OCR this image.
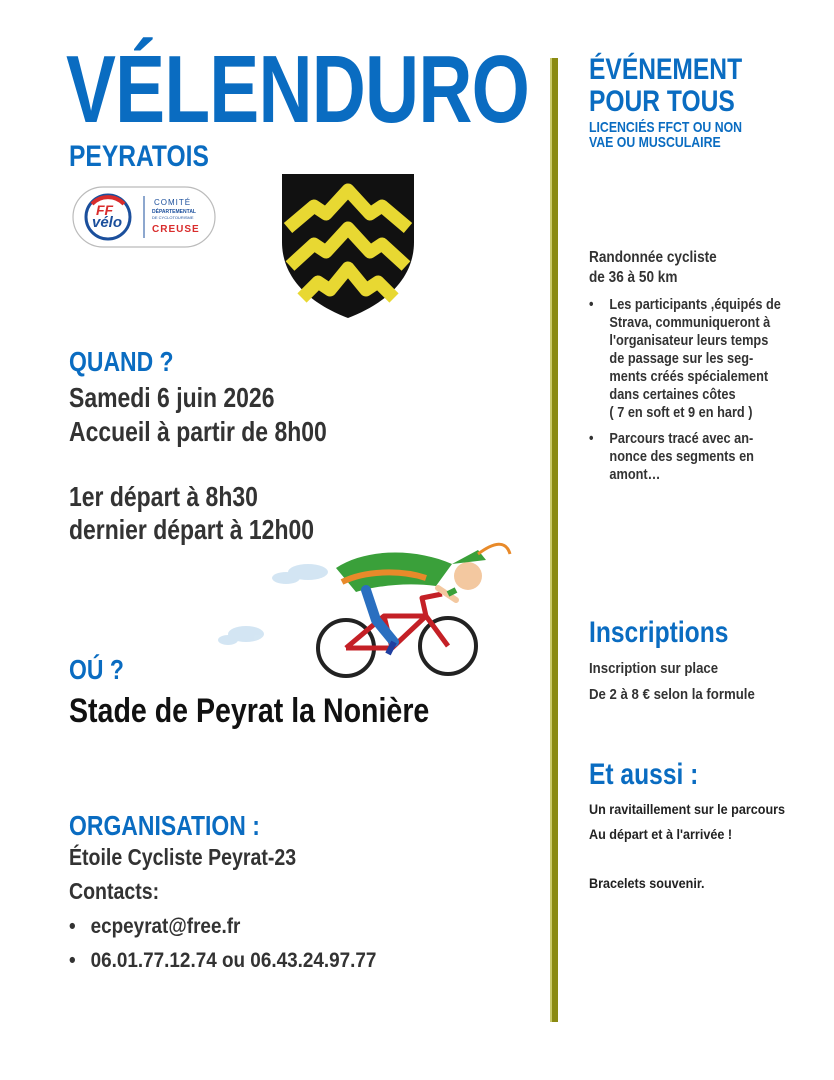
VÉLENDURO
PEYRATOIS
FF
vélo
COMITÉ
DÉPARTEMENTAL
DE CYCLOTOURISME
CREUSE
QUAND ?
Samedi 6 juin 2026
Accueil à partir de 8h00
1er départ à 8h30
dernier départ à 12h00
OÚ ?
Stade de Peyrat la Nonière
ORGANISATION :
Étoile Cycliste Peyrat-23
Contacts:
• ecpeyrat@free.fr
• 06.01.77.12.74 ou 06.43.24.97.77
ÉVÉNEMENT
POUR TOUS
LICENCIÉS FFCT OU NON
VAE OU MUSCULAIRE
Randonnée cycliste
de 36 à 50 km
• Les participants ,équipés de
Strava, communiqueront à
l'organisateur leurs temps
de passage sur les seg-
ments créés spécialement
dans certaines côtes
( 7 en soft et 9 en hard )
• Parcours tracé avec an-
nonce des segments en
amont…
Inscriptions
Inscription sur place
De 2 à 8 € selon la formule
Et aussi :
Un ravitaillement sur le parcours
Au départ et à l'arrivée !
Bracelets souvenir.
